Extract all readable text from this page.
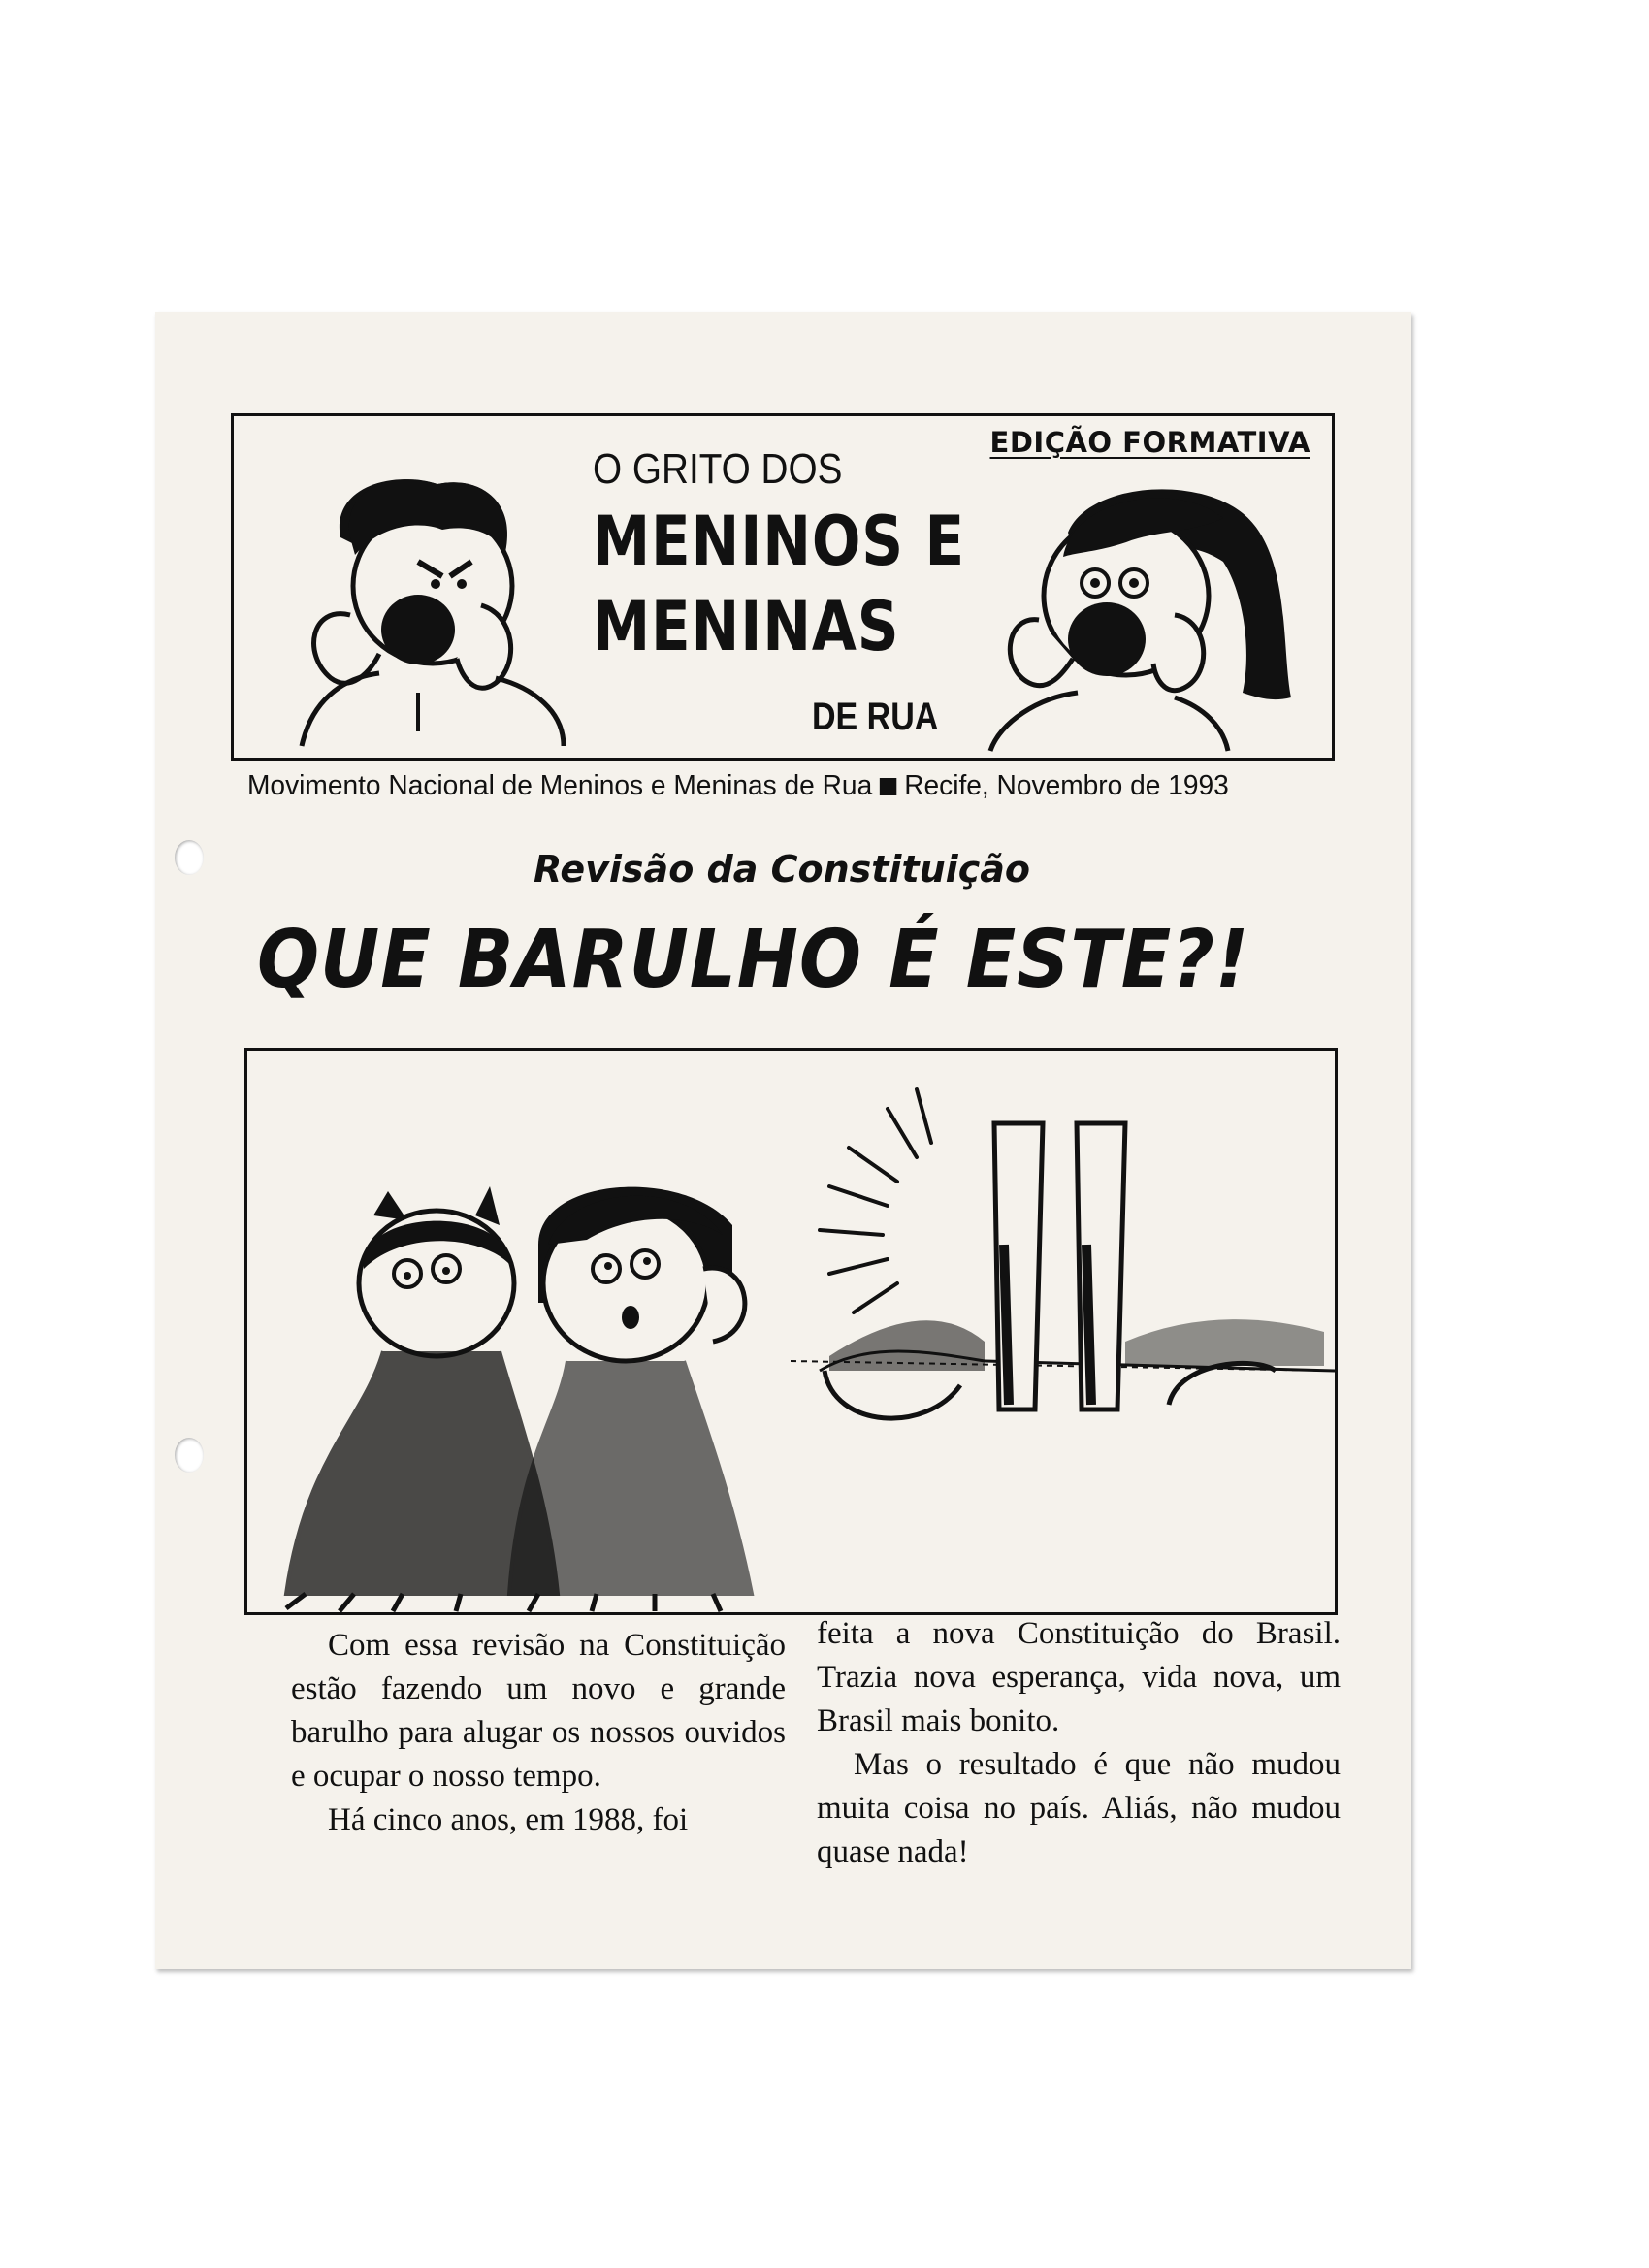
EDIÇÃO FORMATIVA
O GRITO DOS
MENINOS E
MENINAS
DE RUA
Movimento Nacional de Meninos e Meninas de Rua Recife, Novembro de 1993
Revisão da Constituição
QUE BARULHO É ESTE?!

Com essa revisão na Constituição estão fazendo um novo e grande barulho para alugar os nossos ouvidos e ocupar o nosso tempo.

Há cinco anos, em 1988, foi

feita a nova Constituição do Brasil. Trazia nova esperança, vida nova, um Brasil mais bonito.

Mas o resultado é que não mudou muita coisa no país. Aliás, não mudou quase nada!
